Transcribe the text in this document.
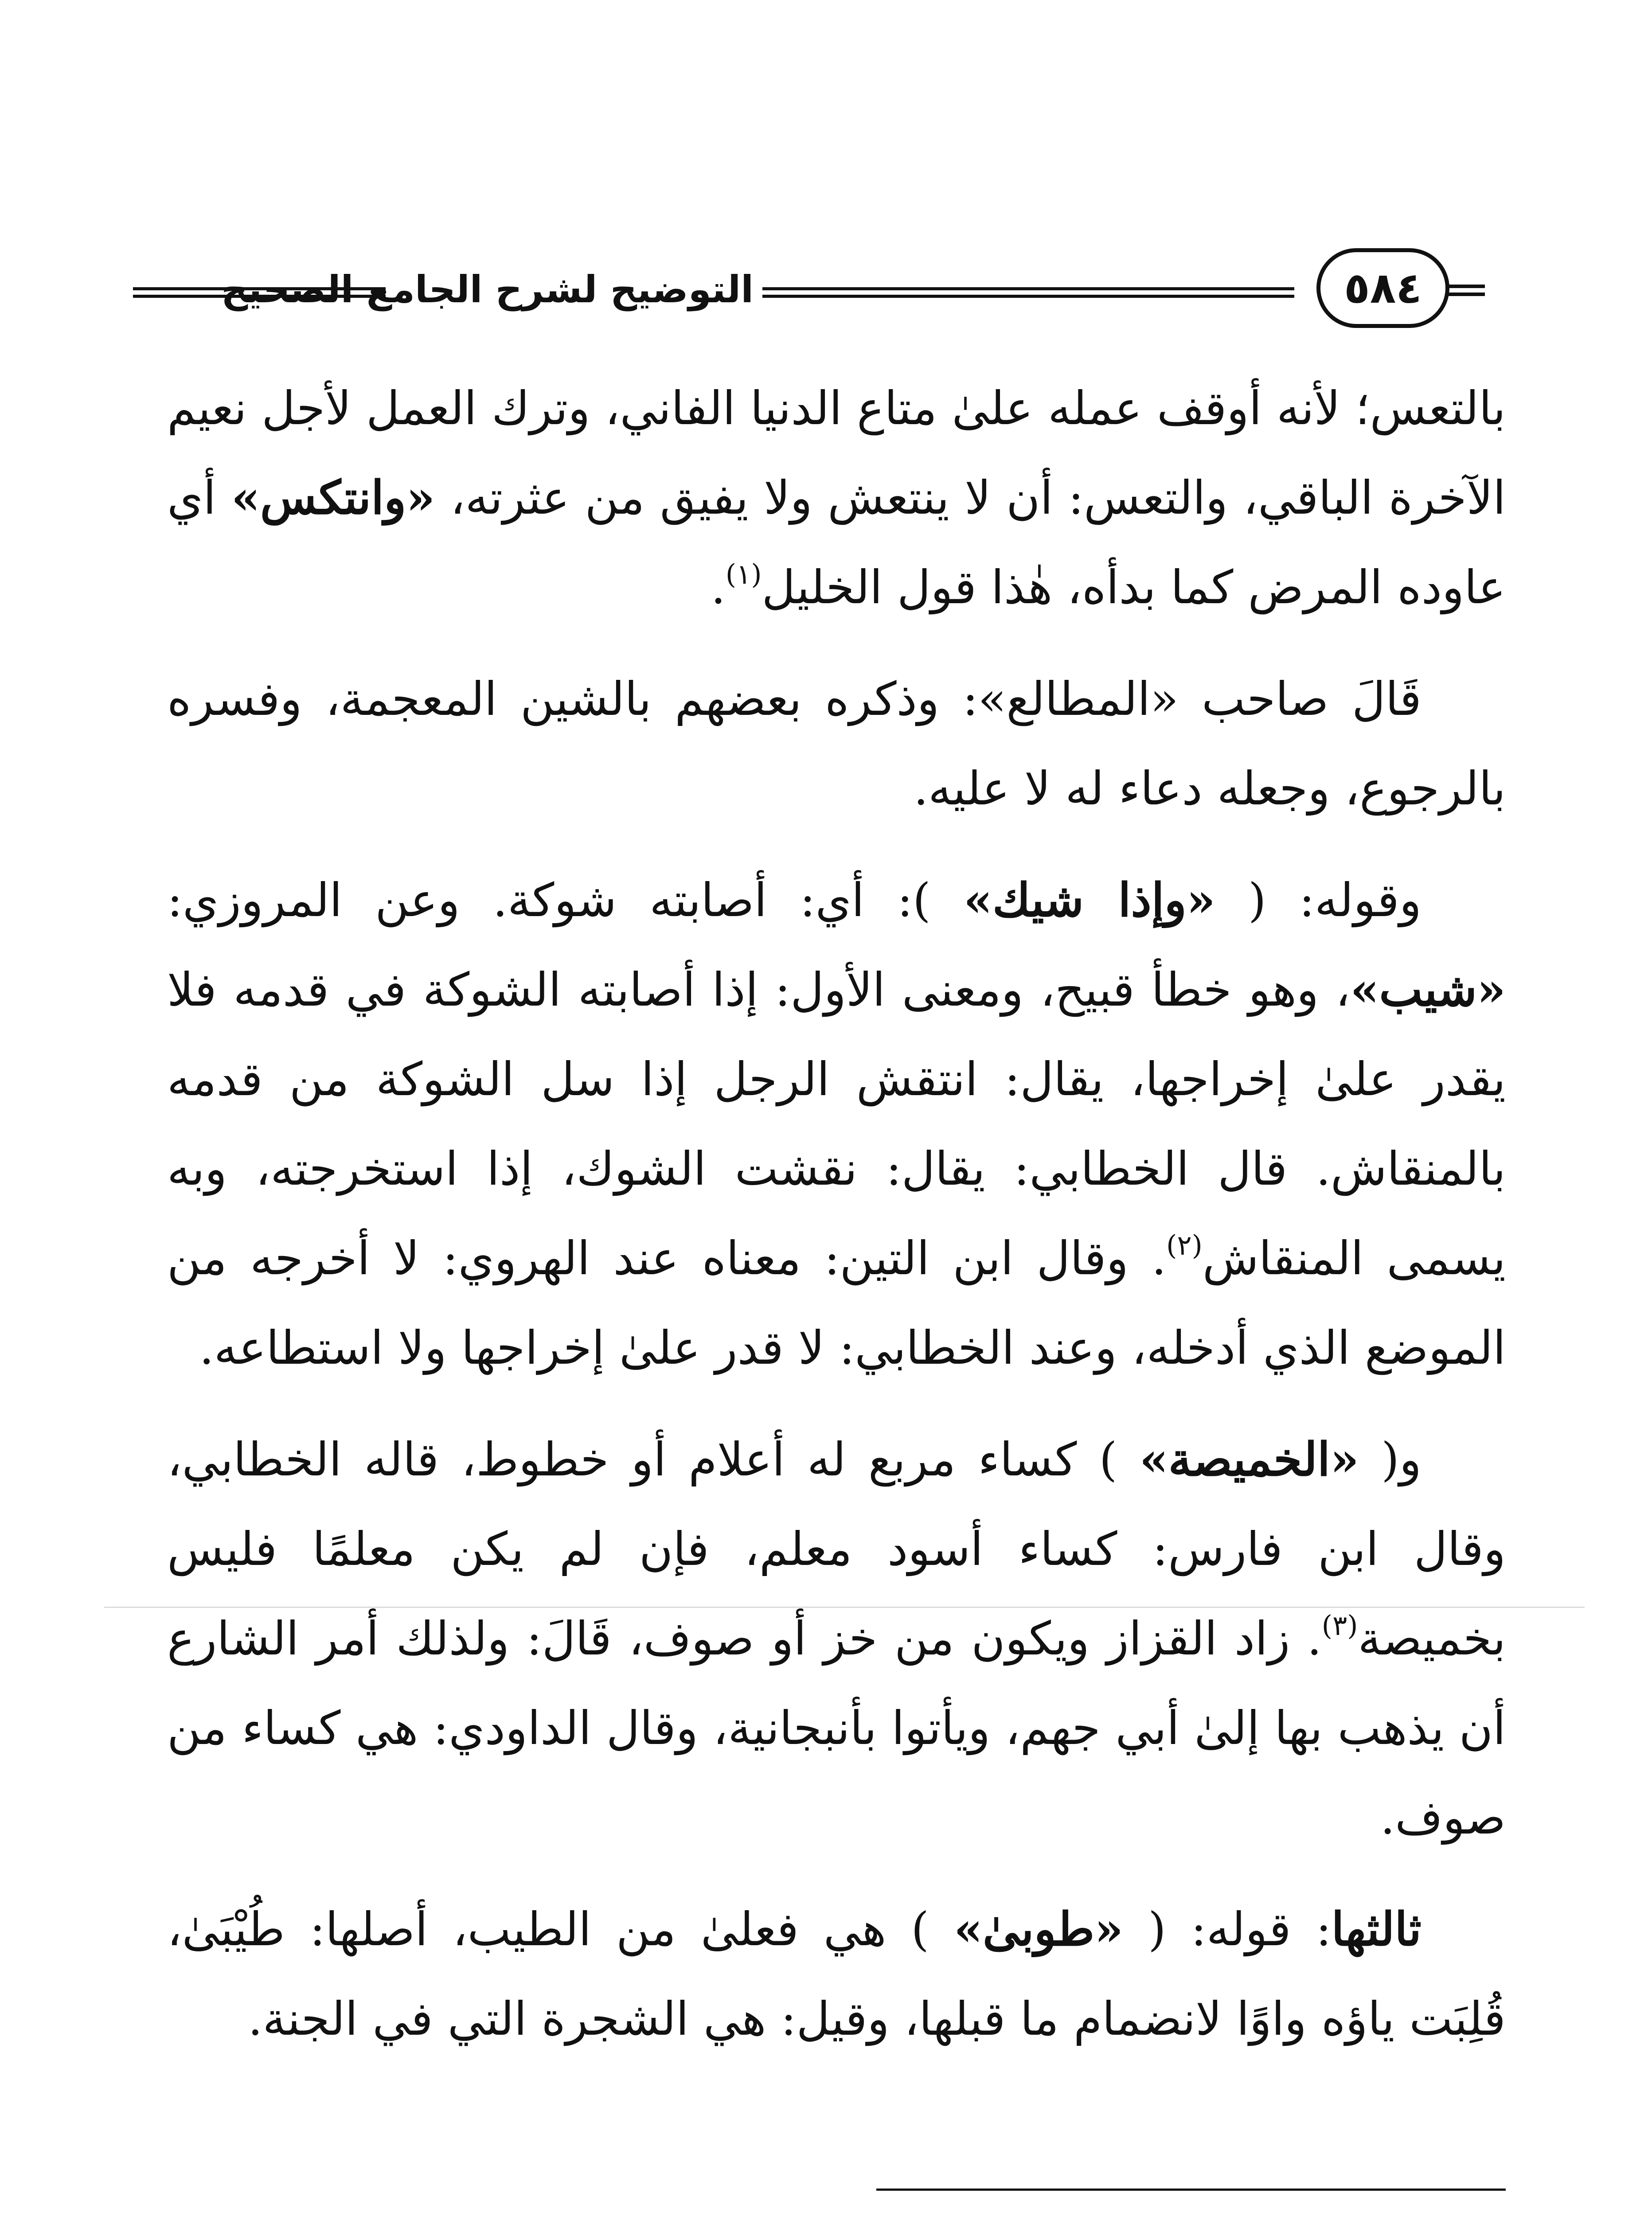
التوضيح لشرح الجامع الصحيح	٥٨٤

بالتعس؛ لأنه أوقف عمله علىٰ متاع الدنيا الفاني، وترك العمل لأجل نعيم الآخرة الباقي، والتعس: أن لا ينتعش ولا يفيق من عثرته، «وانتكس» أي عاوده المرض كما بدأه، هٰذا قول الخليل$^{(١)}$.

قَالَ صاحب «المطالع»: وذكره بعضهم بالشين المعجمة، وفسره بالرجوع، وجعله دعاء له لا عليه.

وقوله: ( «وإذا شيك» ): أي: أصابته شوكة. وعن المروزي: «شيب»، وهو خطأ قبيح، ومعنى الأول: إذا أصابته الشوكة في قدمه فلا يقدر علىٰ إخراجها، يقال: انتقش الرجل إذا سل الشوكة من قدمه بالمنقاش. قال الخطابي: يقال: نقشت الشوك، إذا استخرجته، وبه يسمى المنقاش$^{(٢)}$. وقال ابن التين: معناه عند الهروي: لا أخرجه من الموضع الذي أدخله، وعند الخطابي: لا قدر علىٰ إخراجها ولا استطاعه.

و( «الخميصة» ) كساء مربع له أعلام أو خطوط، قاله الخطابي، وقال ابن فارس: كساء أسود معلم، فإن لم يكن معلمًا فليس بخميصة$^{(٣)}$. زاد القزاز ويكون من خز أو صوف، قَالَ: ولذلك أمر الشارع أن يذهب بها إلىٰ أبي جهم، ويأتوا بأنبجانية، وقال الداودي: هي كساء من صوف.

ثالثها: قوله: ( «طوبىٰ» ) هي فعلىٰ من الطيب، أصلها: طُيْبَىٰ، قُلِبَت ياؤه واوًا لانضمام ما قبلها، وقيل: هي الشجرة التي في الجنة.
